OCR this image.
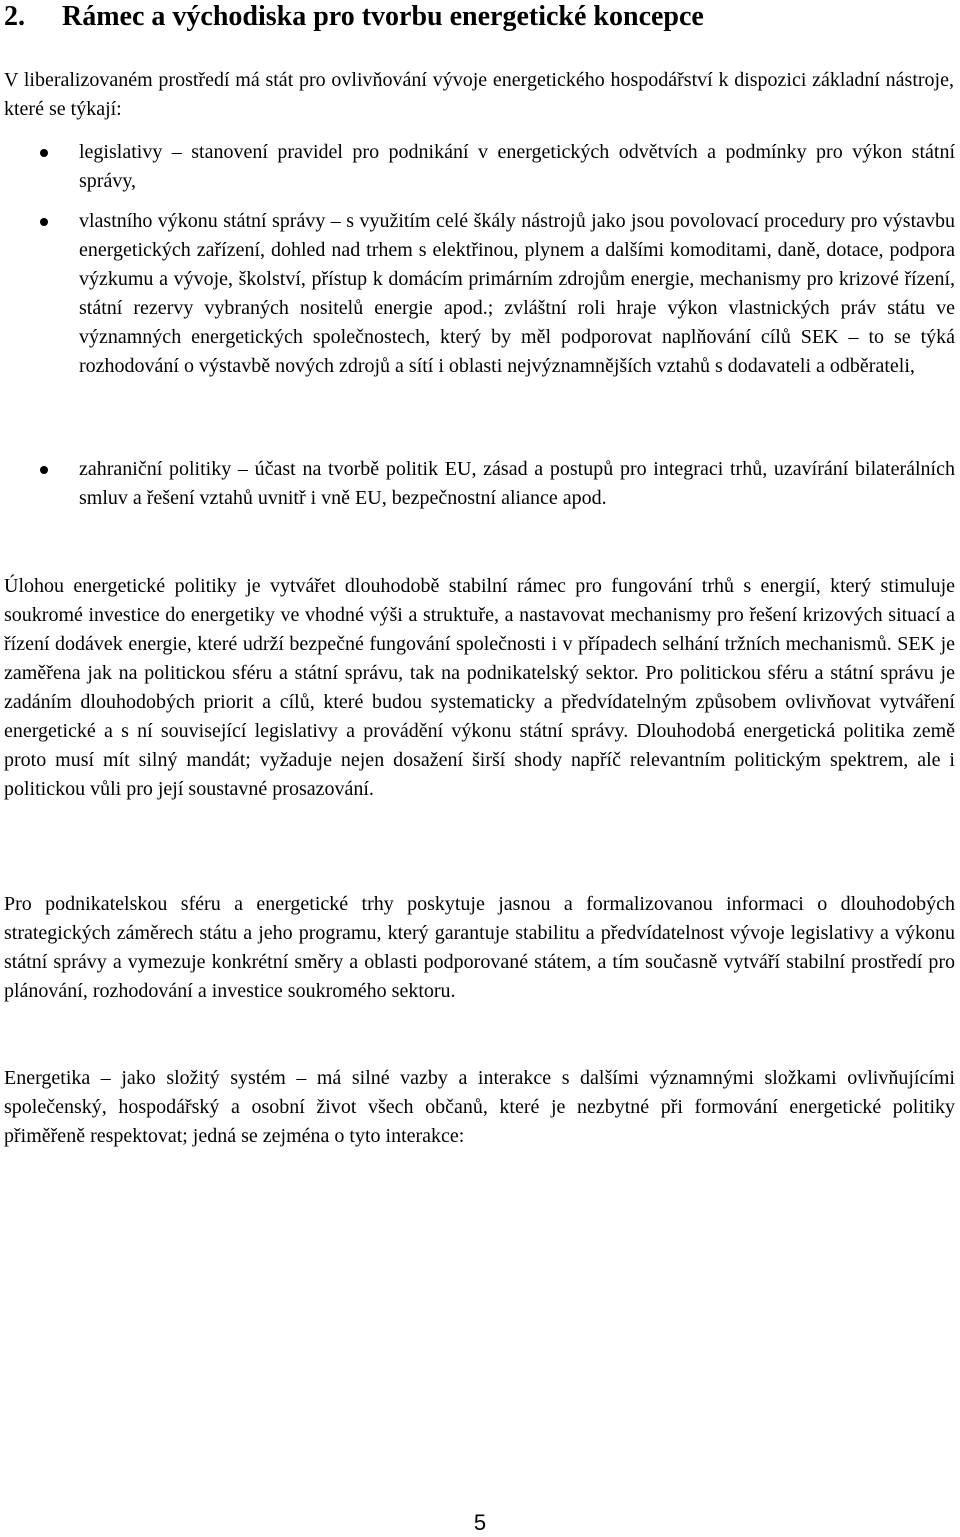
2. Rámec a východiska pro tvorbu energetické koncepce

V liberalizovaném prostředí má stát pro ovlivňování vývoje energetického hospodářství k dispozici základní nástroje, které se týkají:

legislativy – stanovení pravidel pro podnikání v energetických odvětvích a podmínky pro výkon státní správy,

vlastního výkonu státní správy – s využitím celé škály nástrojů jako jsou povolovací procedury pro výstavbu energetických zařízení, dohled nad trhem s elektřinou, plynem a dalšími komoditami, daně, dotace, podpora výzkumu a vývoje, školství, přístup k domácím primárním zdrojům energie, mechanismy pro krizové řízení, státní rezervy vybraných nositelů energie apod.; zvláštní roli hraje výkon vlastnických práv státu ve významných energetických společnostech, který by měl podporovat naplňování cílů SEK – to se týká rozhodování o výstavbě nových zdrojů a sítí i oblasti nejvýznamnějších vztahů s dodavateli a odběrateli,

zahraniční politiky – účast na tvorbě politik EU, zásad a postupů pro integraci trhů, uzavírání bilaterálních smluv a řešení vztahů uvnitř i vně EU, bezpečnostní aliance apod.

Úlohou energetické politiky je vytvářet dlouhodobě stabilní rámec pro fungování trhů s energií, který stimuluje soukromé investice do energetiky ve vhodné výši a struktuře, a nastavovat mechanismy pro řešení krizových situací a řízení dodávek energie, které udrží bezpečné fungování společnosti i v případech selhání tržních mechanismů. SEK je zaměřena jak na politickou sféru a státní správu, tak na podnikatelský sektor. Pro politickou sféru a státní správu je zadáním dlouhodobých priorit a cílů, které budou systematicky a předvídatelným způsobem ovlivňovat vytváření energetické a s ní související legislativy a provádění výkonu státní správy. Dlouhodobá energetická politika země proto musí mít silný mandát; vyžaduje nejen dosažení širší shody napříč relevantním politickým spektrem, ale i politickou vůli pro její soustavné prosazování.

Pro podnikatelskou sféru a energetické trhy poskytuje jasnou a formalizovanou informaci o dlouhodobých strategických záměrech státu a jeho programu, který garantuje stabilitu a předvídatelnost vývoje legislativy a výkonu státní správy a vymezuje konkrétní směry a oblasti podporované státem, a tím současně vytváří stabilní prostředí pro plánování, rozhodování a investice soukromého sektoru.

Energetika – jako složitý systém – má silné vazby a interakce s dalšími významnými složkami ovlivňujícími společenský, hospodářský a osobní život všech občanů, které je nezbytné při formování energetické politiky přiměřeně respektovat; jedná se zejména o tyto interakce:

5
